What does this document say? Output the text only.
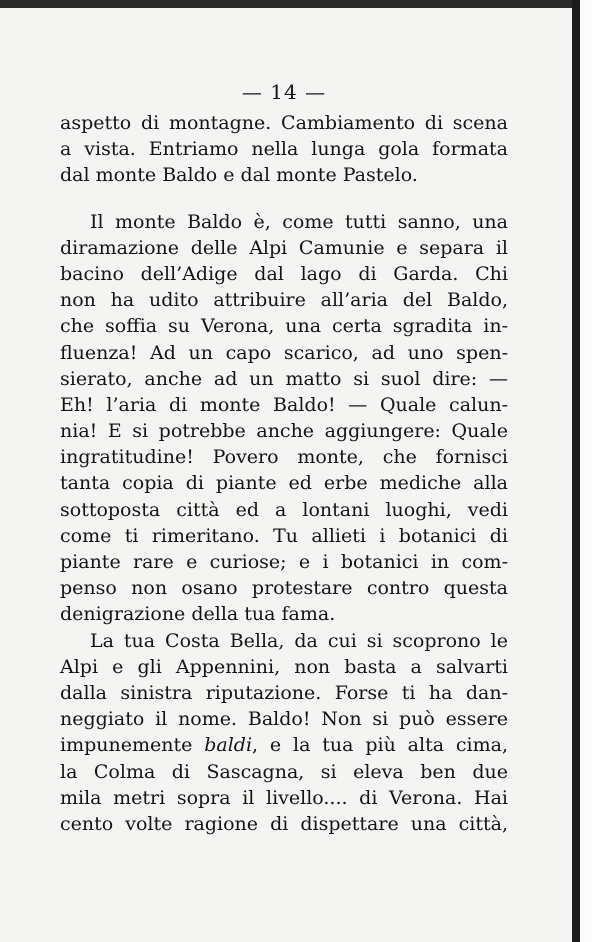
— 14 —
aspetto di montagne. Cambiamento di scena
a vista. Entriamo nella lunga gola formata
dal monte Baldo e dal monte Pastelo.
Il monte Baldo è, come tutti sanno, una
diramazione delle Alpi Camunie e separa il
bacino dell’Adige dal lago di Garda. Chi
non ha udito attribuire all’aria del Baldo,
che soffia su Verona, una certa sgradita in-
fluenza! Ad un capo scarico, ad uno spen-
sierato, anche ad un matto si suol dire: —
Eh! l’aria di monte Baldo! — Quale calun-
nia! E si potrebbe anche aggiungere: Quale
ingratitudine! Povero monte, che fornisci
tanta copia di piante ed erbe mediche alla
sottoposta città ed a lontani luoghi, vedi
come ti rimeritano. Tu allieti i botanici di
piante rare e curiose; e i botanici in com-
penso non osano protestare contro questa
denigrazione della tua fama.
La tua Costa Bella, da cui si scoprono le
Alpi e gli Appennini, non basta a salvarti
dalla sinistra riputazione. Forse ti ha dan-
neggiato il nome. Baldo! Non si può essere
impunemente baldi, e la tua più alta cima,
la Colma di Sascagna, si eleva ben due
mila metri sopra il livello.... di Verona. Hai
cento volte ragione di dispettare una città,
